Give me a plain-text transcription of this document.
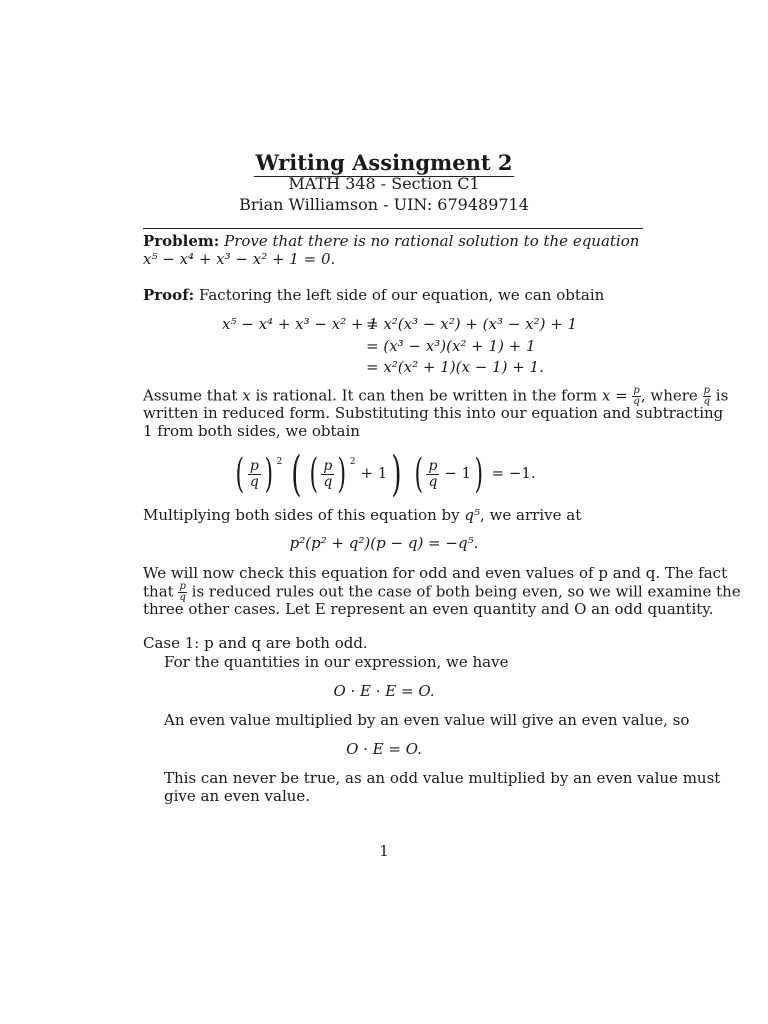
Writing Assingment 2
MATH 348 - Section C1
Brian Williamson - UIN: 679489714
Problem: Prove that there is no rational solution to the equation
x⁵ − x⁴ + x³ − x² + 1 = 0.
Proof: Factoring the left side of our equation, we can obtain
x⁵ − x⁴ + x³ − x² + 1
= x²(x³ − x²) + (x³ − x²) + 1
= (x³ − x³)(x² + 1) + 1
= x²(x² + 1)(x − 1) + 1.
Assume that x is rational. It can then be written in the form $x = \frac{p}{q}$ , where $\frac{p}{q}$ is
written in reduced form. Substituting this into our equation and subtracting
1 from both sides, we obtain
( $\frac{p}{q}$ ) $^2$ ( ( $\frac{p}{q}$ ) $^2$ + 1) ( $\frac{p}{q} - 1) = -1$.
Multiplying both sides of this equation by q⁵, we arrive at
p²(p² + q²)(p − q) = −q⁵.
We will now check this equation for odd and even values of p and q. The fact
that $\frac{p}{q}$ is reduced rules out the case of both being even, so we will examine the
three other cases. Let E represent an even quantity and O an odd quantity.
Case 1: p and q are both odd.
For the quantities in our expression, we have
O · E · E = O.
An even value multiplied by an even value will give an even value, so
O · E = O.
This can never be true, as an odd value multiplied by an even value must
give an even value.
1
